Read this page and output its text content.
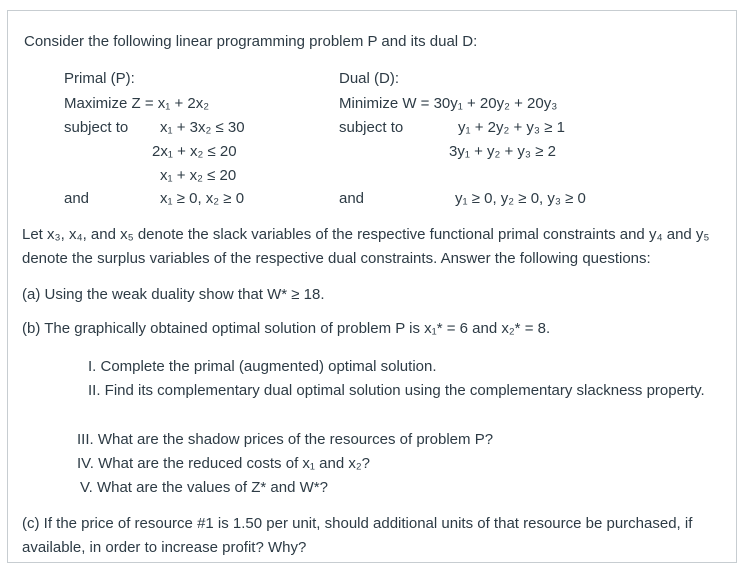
Consider the following linear programming problem P and its dual D:
Primal (P):
Maximize Z = x₁ + 2x₂
subject to x₁ + 3x₂ ≤ 30
2x₁ + x₂ ≤ 20
x₁ + x₂ ≤ 20
and	x₁ ≥ 0, x₂ ≥ 0
Dual (D):
Minimize W = 30y₁ + 20y₂ + 20y₃
subject to	y₁ + 2y₂ + y₃ ≥ 1
3y₁ + y₂ + y₃ ≥ 2
and	y₁ ≥ 0, y₂ ≥ 0, y₃ ≥ 0
Let x₃, x₄, and x₅ denote the slack variables of the respective functional primal constraints and y₄ and y₅ denote the surplus variables of the respective dual constraints. Answer the following questions:
(a) Using the weak duality show that W* ≥ 18.
(b) The graphically obtained optimal solution of problem P is x₁* = 6 and x₂* = 8.
I. Complete the primal (augmented) optimal solution.
II. Find its complementary dual optimal solution using the complementary slackness property.
III. What are the shadow prices of the resources of problem P?
IV. What are the reduced costs of x₁ and x₂?
V. What are the values of Z* and W*?
(c) If the price of resource #1 is 1.50 per unit, should additional units of that resource be purchased, if available, in order to increase profit? Why?
